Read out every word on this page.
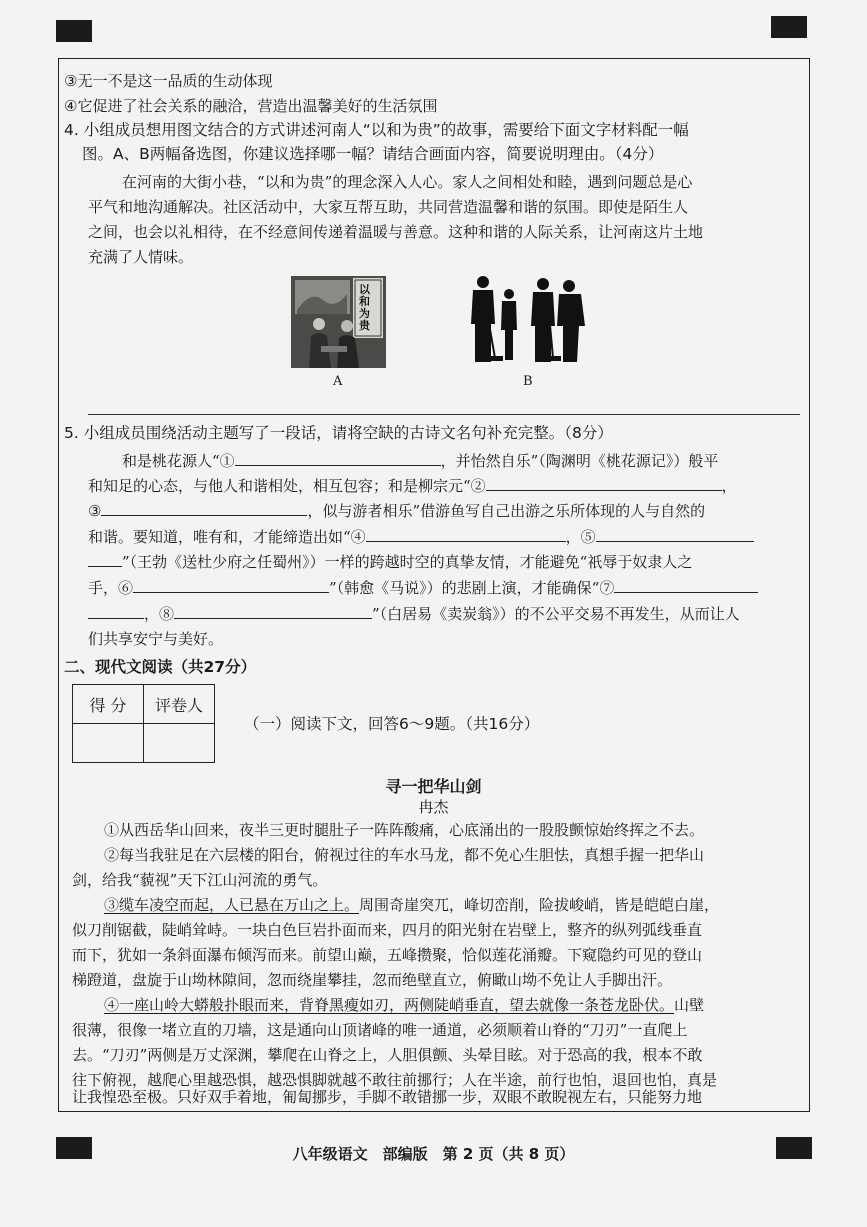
③无一不是这一品质的生动体现
④它促进了社会关系的融洽，营造出温馨美好的生活氛围
4. 小组成员想用图文结合的方式讲述河南人“以和为贵”的故事，需要给下面文字材料配一幅
图。A、B两幅备选图，你建议选择哪一幅？请结合画面内容，简要说明理由。（4分）
在河南的大街小巷，“以和为贵”的理念深入人心。家人之间相处和睦，遇到问题总是心
平气和地沟通解决。社区活动中，大家互帮互助，共同营造温馨和谐的氛围。即使是陌生人
之间，也会以礼相待，在不经意间传递着温暖与善意。这种和谐的人际关系，让河南这片土地
充满了人情味。
以和为贵
A	B
5. 小组成员围绕活动主题写了一段话，请将空缺的古诗文名句补充完整。（8分）
和是桃花源人“①	，并怡然自乐”（陶渊明《桃花源记》）般平
和知足的心态，与他人和谐相处，相互包容；和是柳宗元“②	，
③	，似与游者相乐”借游鱼写自己出游之乐所体现的人与自然的
和谐。要知道，唯有和，才能缔造出如“④	，⑤
”（王勃《送杜少府之任蜀州》）一样的跨越时空的真挚友情，才能避免“祇辱于奴隶人之
手，⑥	”（韩愈《马说》）的悲剧上演，才能确保“⑦
，⑧	”（白居易《卖炭翁》）的不公平交易不再发生，从而让人
们共享安宁与美好。
二、现代文阅读（共27分）
得 分	评卷人

（一）阅读下文，回答6～9题。（共16分）
寻一把华山剑
冉杰
①从西岳华山回来，夜半三更时腿肚子一阵阵酸痛，心底涌出的一股股颤惊始终挥之不去。
②每当我驻足在六层楼的阳台，俯视过往的车水马龙，都不免心生胆怯，真想手握一把华山
剑，给我“藐视”天下江山河流的勇气。
③缆车凌空而起，人已悬在万山之上。周围奇崖突兀，峰切峦削，险拔峻峭，皆是皑皑白崖，
似刀削锯截，陡峭耸峙。一块白色巨岩扑面而来，四月的阳光射在岩壁上，整齐的纵列弧线垂直
而下，犹如一条斜面瀑布倾泻而来。前望山巅，五峰攒聚，恰似莲花涌瓣。下窥隐约可见的登山
梯蹬道，盘旋于山坳林隙间，忽而绕崖攀挂，忽而绝壁直立，俯瞰山坳不免让人手脚出汗。
④一座山岭大蟒般扑眼而来，背脊黑瘦如刃，两侧陡峭垂直，望去就像一条苍龙卧伏。山壁
很薄，很像一堵立直的刀墙，这是通向山顶诸峰的唯一通道，必须顺着山脊的“刀刃”一直爬上
去。“刀刃”两侧是万丈深渊，攀爬在山脊之上，人胆俱颤、头晕目眩。对于恐高的我，根本不敢
往下俯视，越爬心里越恐惧，越恐惧脚就越不敢往前挪行；人在半途，前行也怕，退回也怕，真是
让我惶恐至极。只好双手着地，匍匐挪步，手脚不敢错挪一步，双眼不敢睨视左右，只能努力地
八年级语文　部编版　第 2 页（共 8 页）
